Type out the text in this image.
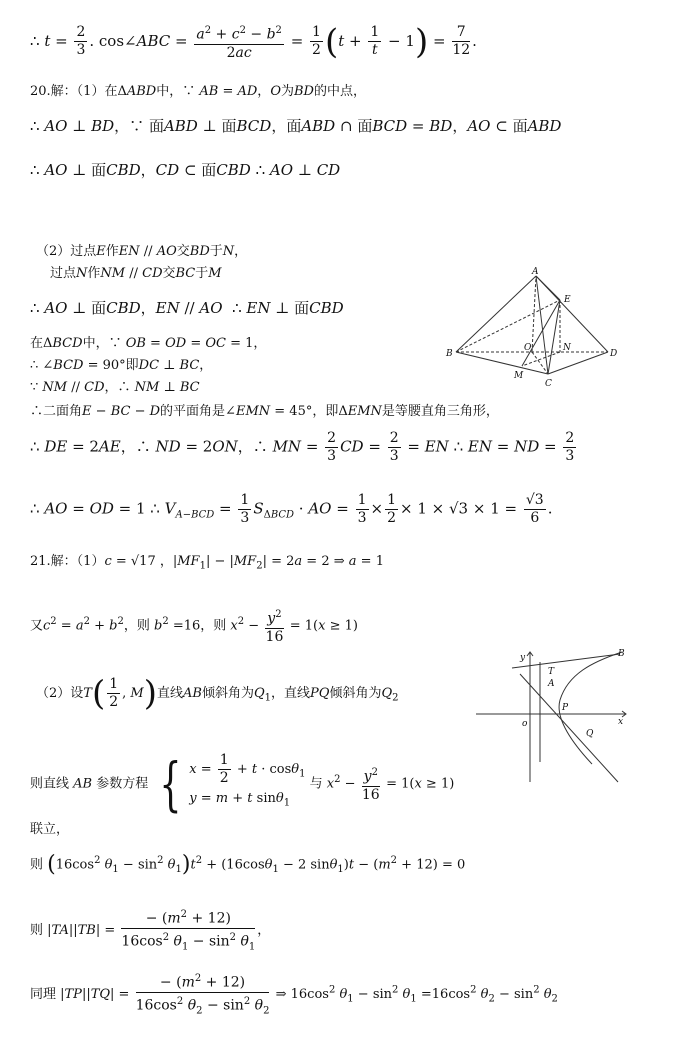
∴ $t = \frac{2}{3}$ . cos∠ABC = $\frac{a^2 + c^2 - b^2}{2ac} = \frac{1}{2} (t + \frac{1}{t} - 1) = \frac{7}{12}$ .
20.解：（1）在ΔABD中，∵ AB = AD，O为BD的中点，
∴ AO ⊥ BD，∵ 面ABD ⊥ 面BCD，面ABD ∩ 面BCD = BD，AO ⊂ 面ABD
∴ AO ⊥ 面CBD，CD ⊂ 面CBD ∴ AO ⊥ CD
（2）过点E作EN // AO交BD于N，
过点N作NM // CD交BC于M
∴ AO ⊥ 面CBD，EN // AO  ∴ EN ⊥ 面CBD
在ΔBCD中，∵ OB = OD = OC = 1，
∴ ∠BCD = 90°即DC ⊥ BC，
∵ NM // CD，∴ NM ⊥ BC
∴二面角E − BC − D的平面角是∠EMN = 45°，即ΔEMN是等腰直角三角形，
∴ DE = 2AE，∴ ND = 2ON，∴ MN = $\frac{2}{3}$ CD = $\frac{2}{3}$ = EN ∴ EN = ND = $\frac{2}{3}$
∴ AO = OD = 1 ∴ $V_{A-BCD} = \frac{1}{3} S_{\Delta BCD}$ · AO = $\frac{1}{3} \times \frac{1}{2} \times 1 \times √3 \times 1 = \frac{√3}{6}$ .
21.解：（1）c = √17 ，$|MF_1| - |MF_2| = 2a = 2$ ⇒ a = 1
又$c^2 = a^2 + b^2$，则 $b^2 =16$，则 $x^2 - \frac{y^2}{16} = 1(x \ge 1)$
（2）设$T( \frac{1}{2}$ , M)直线AB倾斜角为$Q_1$，直线PQ倾斜角为$Q_2$
则直线 AB 参数方程 { $x = \frac{1}{2} + t \cdot \cos\theta_1$
y = m + t sinθ$_1$ 与 $x^2 - \frac{y^2}{16} = 1(x \ge 1)$
联立，
则 ($16\cos^2$ $\theta_1 - \sin^2 \theta_1)t^2 + (16\cos\theta_1 - 2$ $\sin\theta_1)t - (m^2 + 12) = 0$
则 $|TA||TB| = \frac{- (m^2 + 12)}{16\cos^2 \theta_1 - \sin^2 \theta_1}$ ，
同理 $|TP||TQ| = \frac{- (m^2 + 12)}{16\cos^2 \theta_2 - \sin^2 \theta_2}$ ⇒ $16\cos^2$ $\theta_1 - \sin^2 \theta_1 =16\cos^2$ $\theta_2 - \sin^2 \theta_2$
A
B
C
D
E
N
O
M
y
x
o
T
B
P
Q
A
